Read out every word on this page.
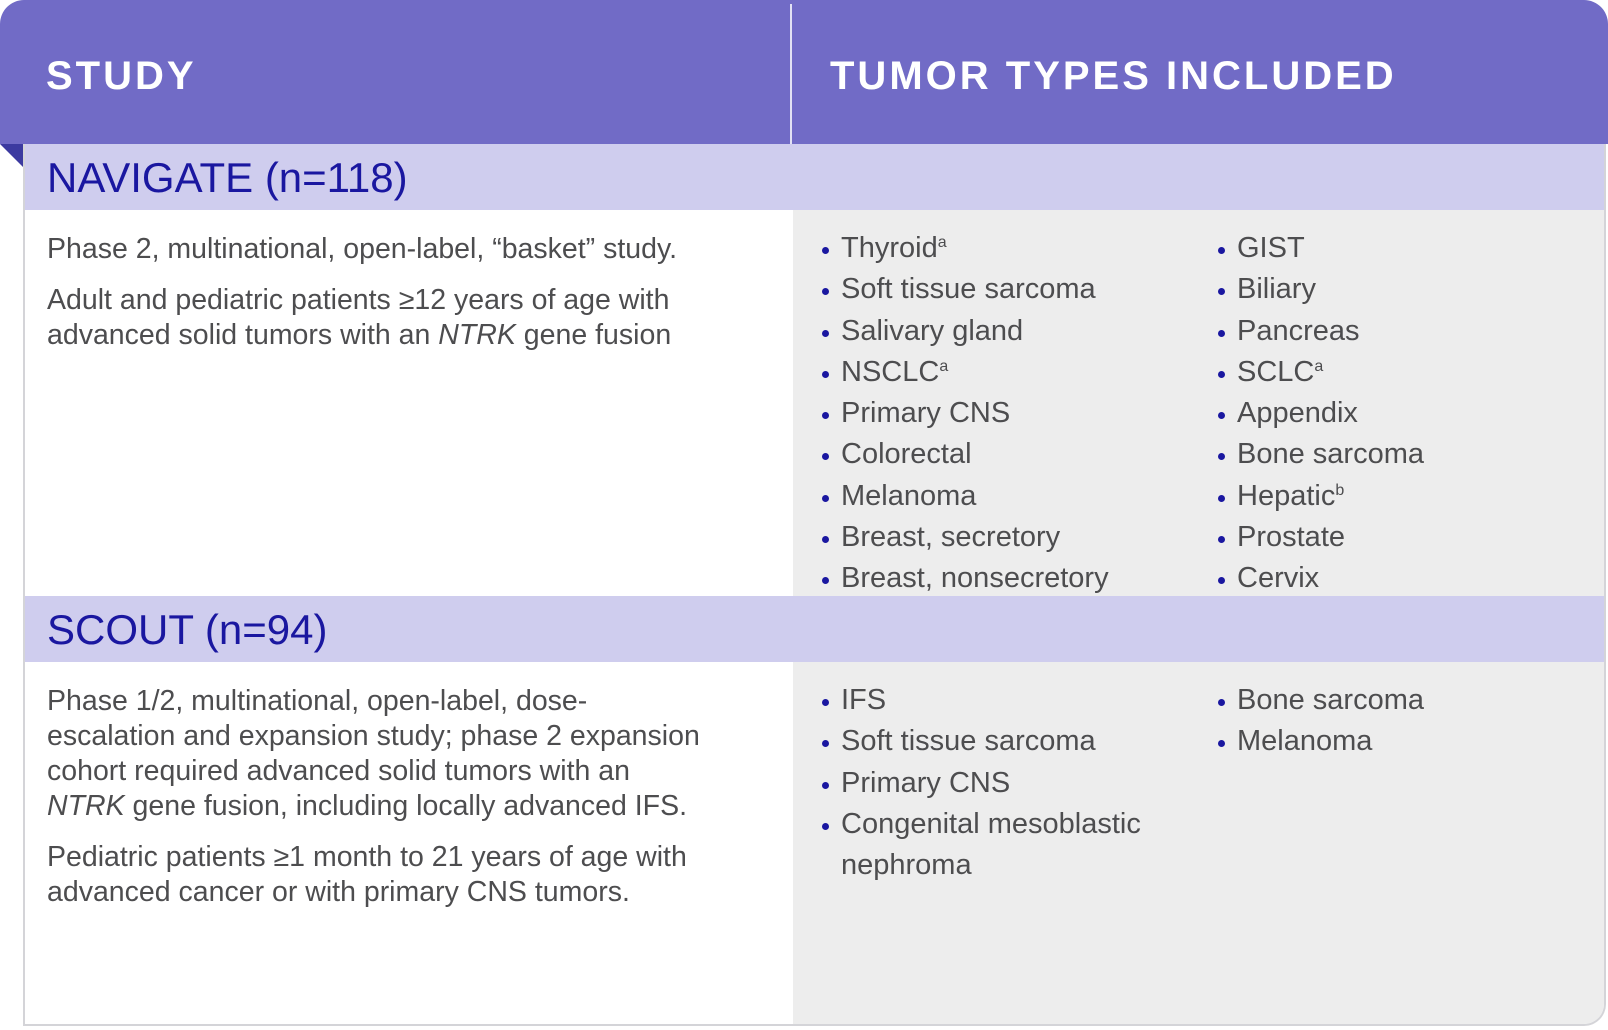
STUDY	TUMOR TYPES INCLUDED
NAVIGATE (n=118)

Phase 2, multinational, open-label, “basket” study.

Adult and pediatric patients ≥12 years of age with advanced solid tumors with an NTRK gene fusion

Thyroid$^a$
Soft tissue sarcoma
Salivary gland
NSCLC$^a$
Primary CNS
Colorectal
Melanoma
Breast, secretory
Breast, nonsecretory
GIST
Biliary
Pancreas
SCLC$^a$
Appendix
Bone sarcoma
Hepatic$^b$
Prostate
Cervix
SCOUT (n=94)

Phase 1/2, multinational, open-label, dose-escalation and expansion study; phase 2 expansion cohort required advanced solid tumors with an NTRK gene fusion, including locally advanced IFS.

Pediatric patients ≥1 month to 21 years of age with advanced cancer or with primary CNS tumors.

IFS
Soft tissue sarcoma
Primary CNS
Congenital mesoblastic nephroma
Bone sarcoma
Melanoma
